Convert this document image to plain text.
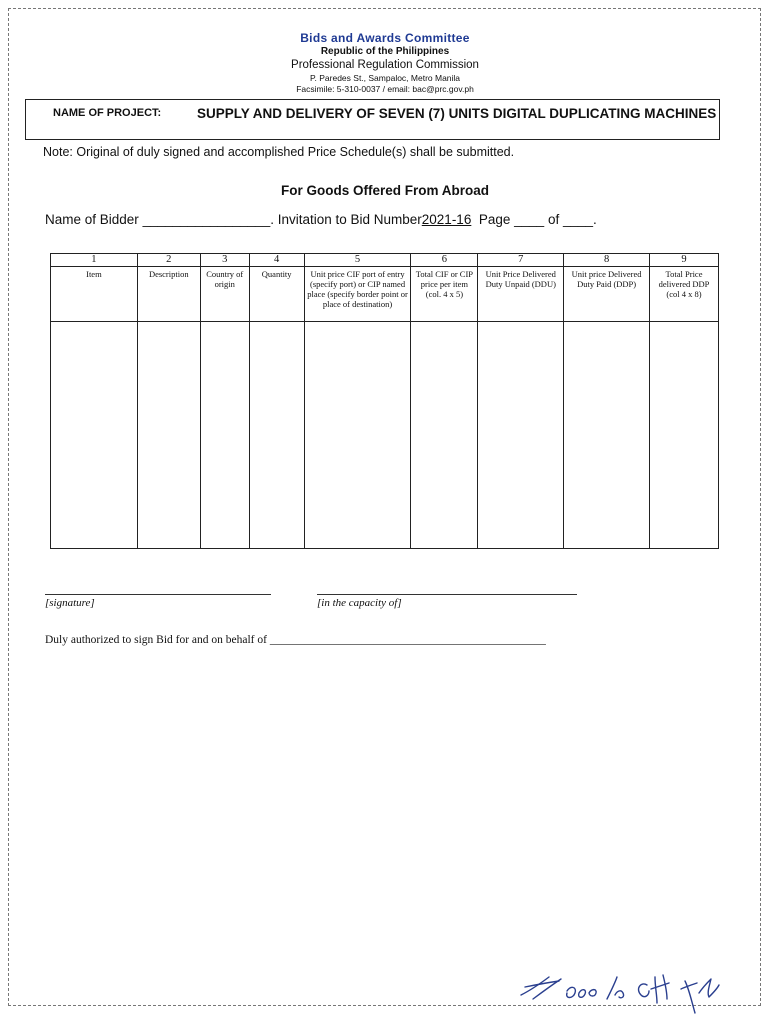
Bids and Awards Committee
Republic of the Philippines
Professional Regulation Commission
P. Paredes St., Sampaloc, Metro Manila
Facsimile: 5-310-0037 / email: bac@prc.gov.ph
NAME OF PROJECT:	SUPPLY AND DELIVERY OF SEVEN (7) UNITS DIGITAL DUPLICATING MACHINES
Note: Original of duly signed and accomplished Price Schedule(s) shall be submitted.
For Goods Offered From Abroad
Name of Bidder _________________. Invitation to Bid Number2021-16 Page ____ of ____.
1	2	3	4	5	6	7	8	9
Item	Description	Country of origin	Quantity	Unit price CIF port of entry (specify port) or CIP named place (specify border point or place of destination)	Total CIF or CIP price per item (col. 4 x 5)	Unit Price Delivered Duty Unpaid (DDU)	Unit price Delivered Duty Paid (DDP)	Total Price delivered DDP (col 4 x 8)

[signature]	[in the capacity of]
Duly authorized to sign Bid for and on behalf of ________________________________________________
